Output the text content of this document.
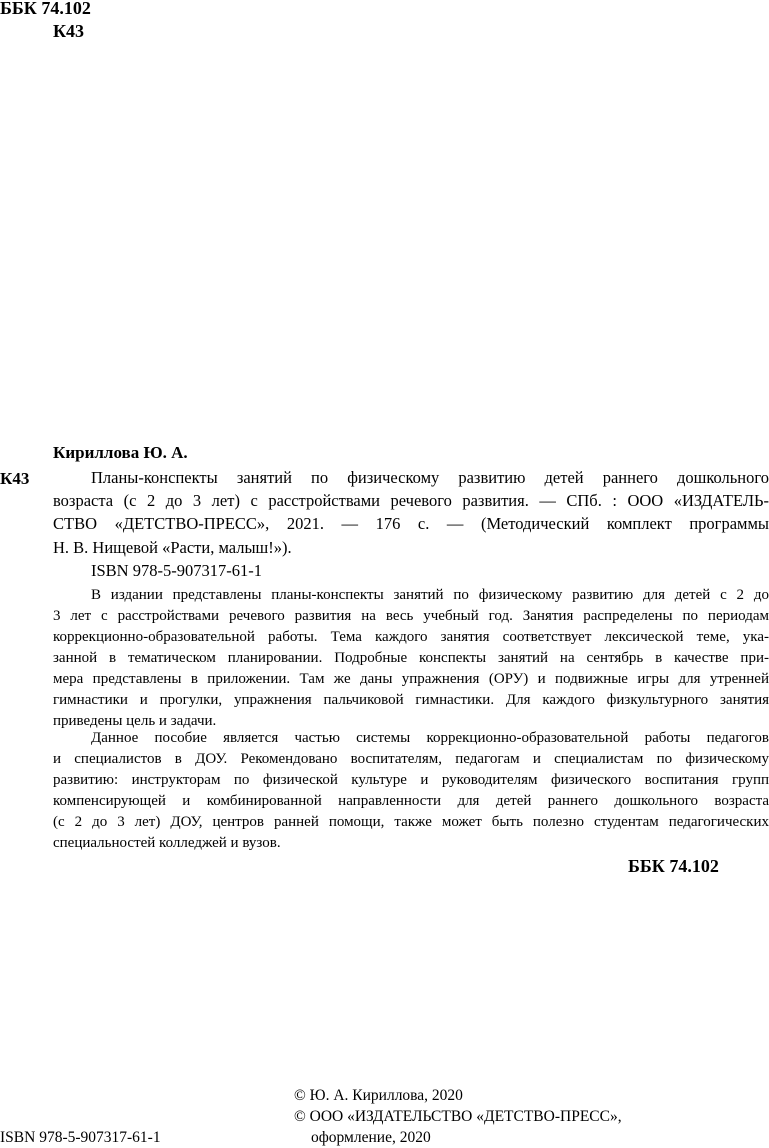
ББК 74.102
К43
Кириллова Ю. А.
К43	Планы-конспекты занятий по физическому развитию детей раннего дошкольного
возраста (с 2 до 3 лет) с расстройствами речевого развития. — СПб. : ООО «ИЗДАТЕЛЬ-
СТВО «ДЕТСТВО-ПРЕСС», 2021. — 176 с. — (Методический комплект программы
Н. В. Нищевой «Расти, малыш!»).
ISBN 978-5-907317-61-1
В издании представлены планы-конспекты занятий по физическому развитию для детей с 2 до
3 лет с расстройствами речевого развития на весь учебный год. Занятия распределены по периодам
коррекционно-образовательной работы. Тема каждого занятия соответствует лексической теме, ука-
занной в тематическом планировании. Подробные конспекты занятий на сентябрь в качестве при-
мера представлены в приложении. Там же даны упражнения (ОРУ) и подвижные игры для утренней
гимнастики и прогулки, упражнения пальчиковой гимнастики. Для каждого физкультурного занятия
приведены цель и задачи.
Данное пособие является частью системы коррекционно-образовательной работы педагогов
и специалистов в ДОУ. Рекомендовано воспитателям, педагогам и специалистам по физическому
развитию: инструкторам по физической культуре и руководителям физического воспитания групп
компенсирующей и комбинированной направленности для детей раннего дошкольного возраста
(с 2 до 3 лет) ДОУ, центров ранней помощи, также может быть полезно студентам педагогических
специальностей колледжей и вузов.
ББК 74.102
© Ю. А. Кириллова, 2020
© ООО «ИЗДАТЕЛЬСТВО «ДЕТСТВО-ПРЕСС»,
оформление, 2020
ISBN 978-5-907317-61-1
